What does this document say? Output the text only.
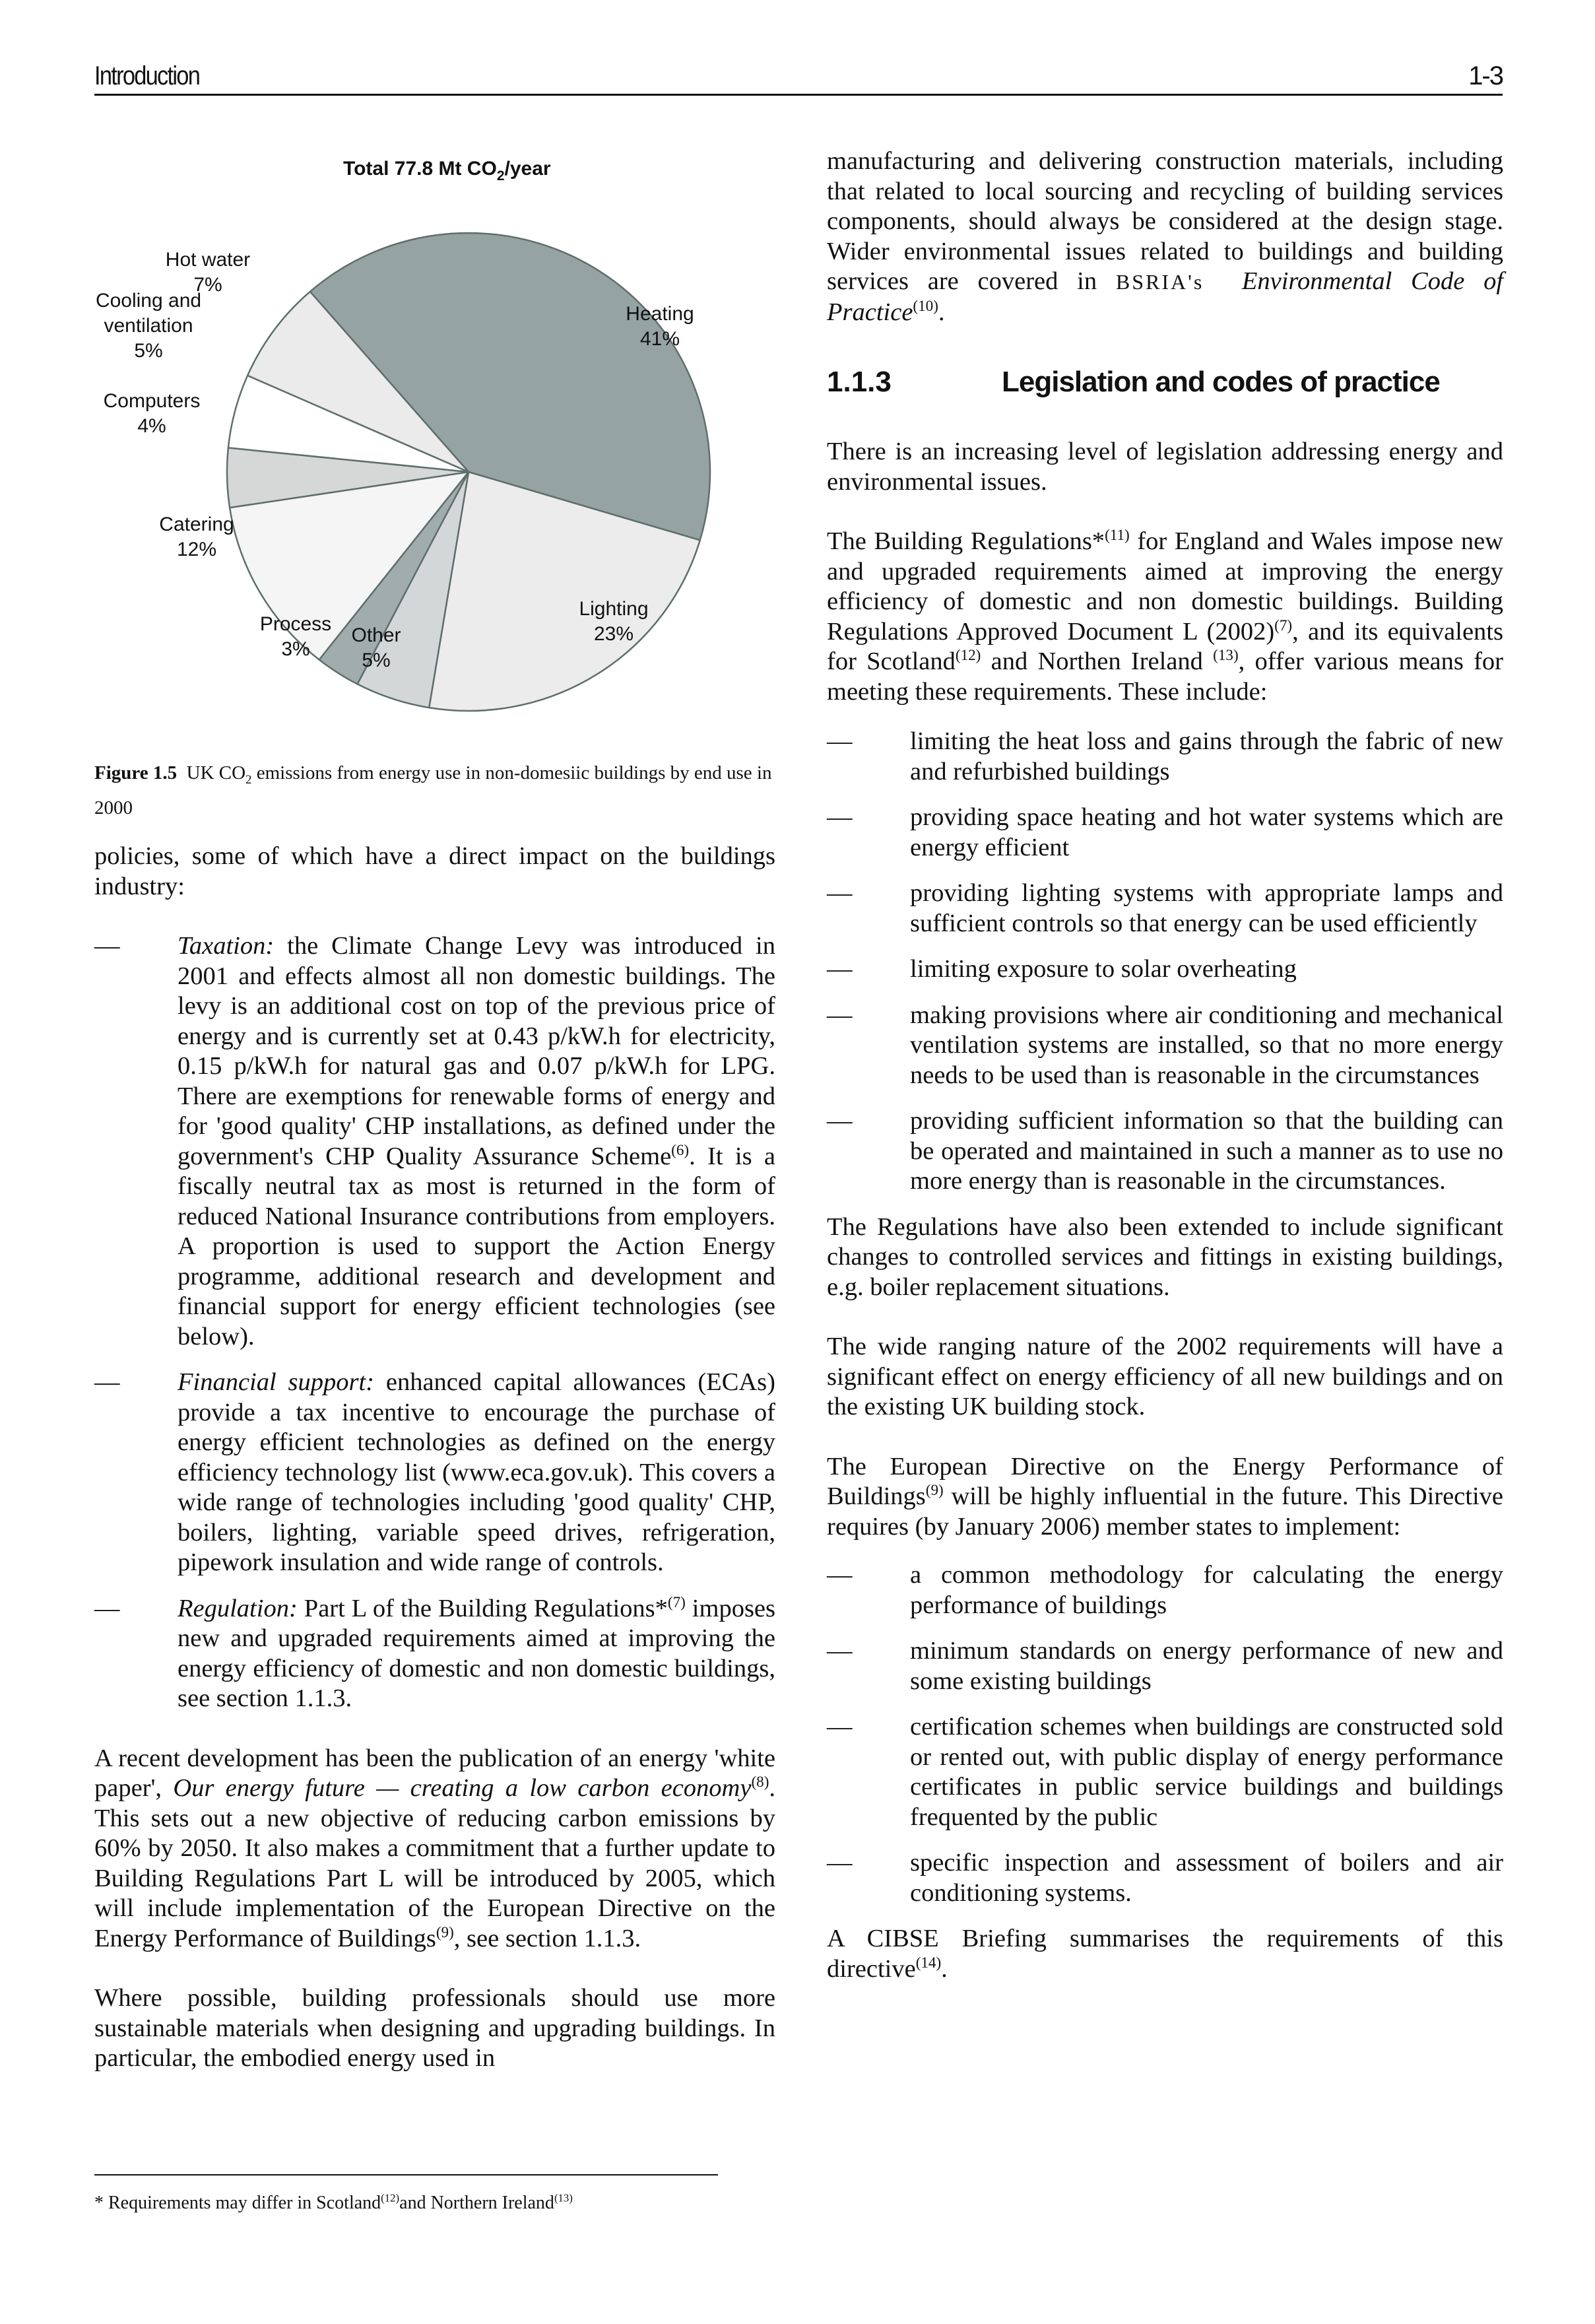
Introduction	1-3
Total 77.8 Mt $CO_2$/year
Heating 41%
Lighting 23%
Other 5%
Process 3%
Catering 12%
Computers 4%
Cooling and ventilation 5%
Hot water 7%
Figure 1.5 UK $CO_2$ emissions from energy use in non-domesiic buildings by end use in 2000

policies, some of which have a direct impact on the buildings industry:

— Taxation: the Climate Change Levy was introduced in 2001 and effects almost all non domestic buildings. The levy is an additional cost on top of the previous price of energy and is currently set at 0.43 p/kW.h for electricity, 0.15 p/kW.h for natural gas and 0.07 p/kW.h for LPG. There are exemptions for renewable forms of energy and for 'good quality' CHP installations, as defined under the government's CHP Quality Assurance Scheme$^{(6)}$. It is a fiscally neutral tax as most is returned in the form of reduced National Insurance contributions from employers. A proportion is used to support the Action Energy programme, additional research and development and financial support for energy efficient technologies (see below).
— Financial support: enhanced capital allowances (ECAs) provide a tax incentive to encourage the purchase of energy efficient technologies as defined on the energy efficiency technology list (www.eca.gov.uk). This covers a wide range of technologies including 'good quality' CHP, boilers, lighting, variable speed drives, refrigeration, pipework insulation and wide range of controls.
— Regulation: Part L of the Building Regulations*$^{(7)}$ imposes new and upgraded requirements aimed at improving the energy efficiency of domestic and non domestic buildings, see section 1.1.3.

A recent development has been the publication of an energy 'white paper', Our energy future — creating a low carbon economy$^{(8)}$. This sets out a new objective of reducing carbon emissions by 60% by 2050. It also makes a commitment that a further update to Building Regulations Part L will be introduced by 2005, which will include implementation of the European Directive on the Energy Performance of Buildings$^{(9)}$, see section 1.1.3.

Where possible, building professionals should use more sustainable materials when designing and upgrading buildings. In particular, the embodied energy used in

* Requirements may differ in Scotland$^{(12)}$and Northern Ireland$^{(13)}$

manufacturing and delivering construction materials, including that related to local sourcing and recycling of building services components, should always be considered at the design stage. Wider environmental issues related to buildings and building services are covered in BSRIA's Environmental Code of Practice$^{(10)}$.

1.1.3	Legislation and codes of practice

There is an increasing level of legislation addressing energy and environmental issues.

The Building Regulations*$^{(11)}$ for England and Wales impose new and upgraded requirements aimed at improving the energy efficiency of domestic and non domestic buildings. Building Regulations Approved Document L $(2002)^{(7)}$, and its equivalents for Scotland$^{(12)}$ and Northen Ireland $^{(13)}$, offer various means for meeting these requirements. These include:

— limiting the heat loss and gains through the fabric of new and refurbished buildings
— providing space heating and hot water systems which are energy efficient
— providing lighting systems with appropriate lamps and sufficient controls so that energy can be used efficiently
— limiting exposure to solar overheating
— making provisions where air conditioning and mechanical ventilation systems are installed, so that no more energy needs to be used than is reasonable in the circumstances
— providing sufficient information so that the building can be operated and maintained in such a manner as to use no more energy than is reasonable in the circumstances.

The Regulations have also been extended to include significant changes to controlled services and fittings in existing buildings, e.g. boiler replacement situations.

The wide ranging nature of the 2002 requirements will have a significant effect on energy efficiency of all new buildings and on the existing UK building stock.

The European Directive on the Energy Performance of Buildings$^{(9)}$ will be highly influential in the future. This Directive requires (by January 2006) member states to implement:

— a common methodology for calculating the energy performance of buildings
— minimum standards on energy performance of new and some existing buildings
— certification schemes when buildings are constructed sold or rented out, with public display of energy performance certificates in public service buildings and buildings frequented by the public
— specific inspection and assessment of boilers and air conditioning systems.

A CIBSE Briefing summarises the requirements of this directive$^{(14)}$.
